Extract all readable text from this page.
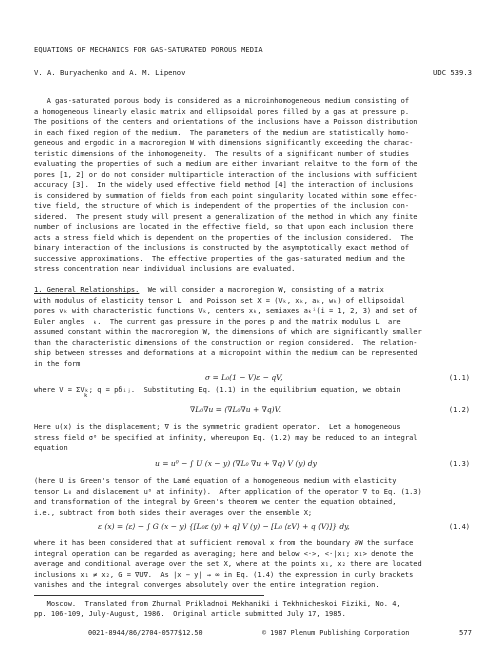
EQUATIONS OF MECHANICS FOR GAS-SATURATED POROUS MEDIA
V. A. Buryachenko and A. M. Lipenov	UDC 539.3
A gas-saturated porous body is considered as a microinhomogeneous medium consisting of
a homogeneous linearly elasic matrix and ellipsoidal pores filled by a gas at pressure p.
The positions of the centers and orientations of the inclusions have a Poisson distribution
in each fixed region of the medium.  The parameters of the medium are statistically homo-
geneous and ergodic in a macroregion W with dimensions significantly exceeding the charac-
teristic dimensions of the inhomogeneity.  The results of a significant number of studies
evaluating the properties of such a medium are either invariant relaitve to the form of the
pores [1, 2] or do not consider multiparticle interaction of the inclusions with sufficient
accuracy [3].  In the widely used effective field method [4] the interaction of inclusions
is considered by summation of fields from each point singularity located within some effec-
tive field, the structure of which is independent of the properties of the inclusion con-
sidered.  The present study will present a generalization of the method in which any finite
number of inclusions are located in the effective field, so that upon each inclusion there
acts a stress field which is dependent on the properties of the inclusion considered.  The
binary interaction of the inclusions is constructed by the asymptotically exact method of
successive approximations.  The effective properties of the gas-saturated medium and the
stress concentration near individual inclusions are evaluated.
1. General Relationships.  We will consider a macroregion W, consisting of a matrix
with modulus of elasticity tensor L  and Poisson set X = (Vₖ, xₖ, aₖ, wₖ) of ellipsoidal
pores vₖ with characteristic functions Vₖ, centers xₖ, semiaxes aₖⁱ(i = 1, 2, 3) and set of
Euler angles  ₖ.  The current gas pressure in the pores p and the matrix modulus L  are
assumed constant within the macroregion W, the dimensions of which are significantly smaller
than the characteristic dimensions of the construction or region considered.  The relation-
ship between stresses and deformations at a micropoint within the medium can be represented
in the form
σ = L₀(1 − V)ε − qV,	(1.1)
where V = ΣVₖ; q = pδᵢⱼ.  Substituting Eq. (1.1) in the equilibrium equation, we obtain
k
∇L₀∇u = (∇L₀∇u + ∇q)V.	(1.2)
Here u(x) is the displacement; ∇ is the symmetric gradient operator.  Let a homogeneous
stress field σ⁰ be specified at infinity, whereupon Eq. (1.2) may be reduced to an integral
equation
u = u⁰ − ∫ U (x − y) (∇L₀ ∇u + ∇q) V (y) dy	(1.3)
(here U is Green's tensor of the Lamé equation of a homogeneous medium with elasticity
tensor L₀ and dislacement u⁰ at infinity).  After application of the operator ∇ to Eq. (1.3)
and transformation of the integral by Green's theorem we center the equation obtained,
i.e., subtract from both sides their averages over the ensemble X;
ε (x) = ⟨ε⟩ − ∫ G (x − y) {[L₀ε (y) + q] V (y) − [L₀ ⟨εV⟩ + q ⟨V⟩]} dy,	(1.4)
where it has been considered that at sufficient removal x from the boundary ∂W the surface
integral operation can be regarded as averaging; here and below <·>, <·|x₁; x₁> denote the
average and conditional average over the set X, where at the points x₁, x₂ there are located
inclusions x₁ ≠ x₂, G = ∇U∇.  As |x − y| → ∞ in Eq. (1.4) the expression in curly brackets
vanishes and the integral converges absolutely over the entire integration region.
Moscow.  Translated from Zhurnal Prikladnoi Mekhaniki i Tekhnicheskoi Fiziki, No. 4,
pp. 106-109, July-August, 1986.  Original article submitted July 17, 1985.
0021-8944/86/2704-0577$12.50	© 1987 Plenum Publishing Corporation	577
